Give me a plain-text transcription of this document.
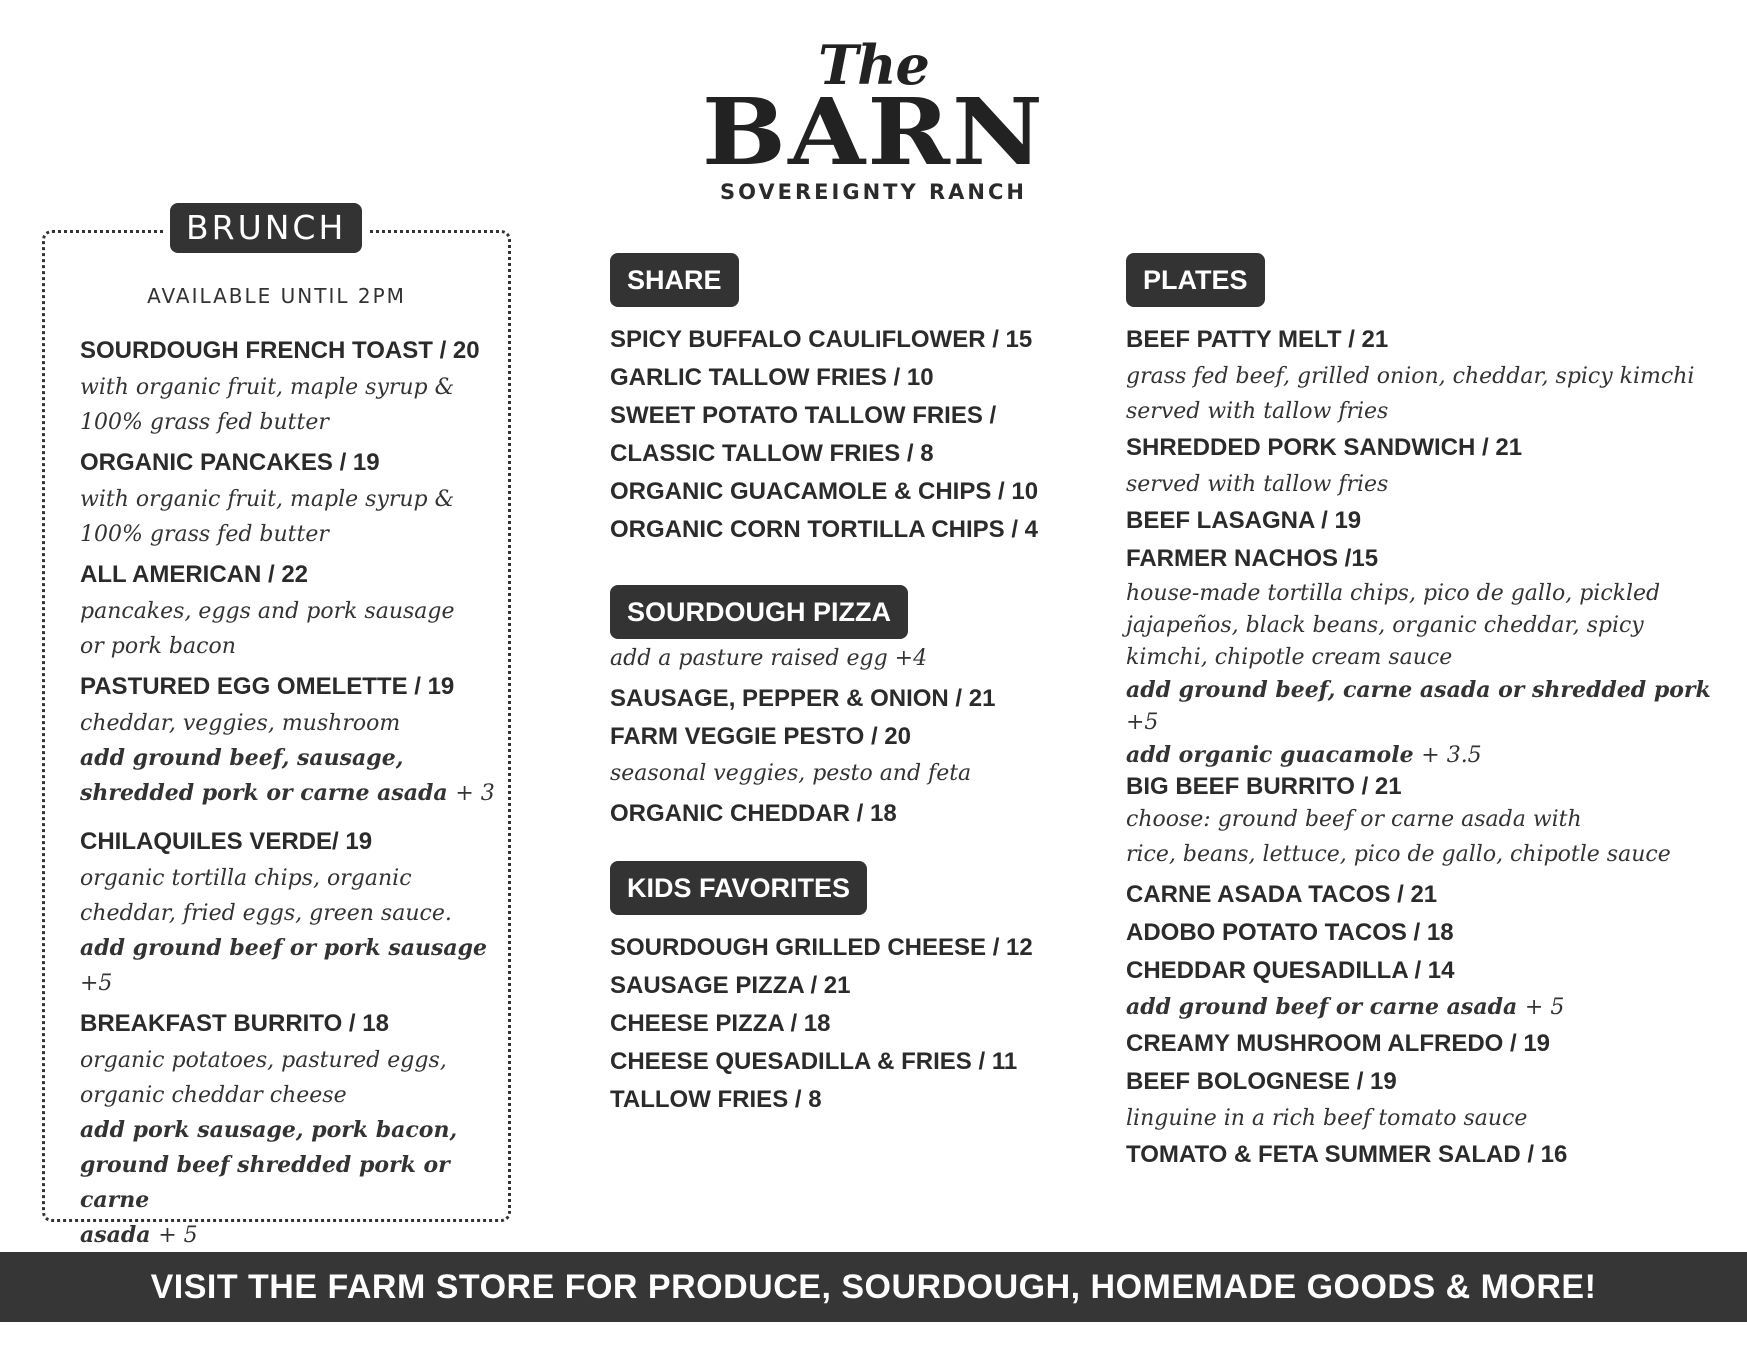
The
BARN
SOVEREIGNTY RANCH
BRUNCH
AVAILABLE UNTIL 2PM
SOURDOUGH FRENCH TOAST / 20
with organic fruit, maple syrup &
100% grass fed butter
ORGANIC PANCAKES / 19
with organic fruit, maple syrup &
100% grass fed butter
ALL AMERICAN / 22
pancakes, eggs and pork sausage
or pork bacon
PASTURED EGG OMELETTE / 19
cheddar, veggies, mushroom
add ground beef, sausage,
shredded pork or carne asada + 3
CHILAQUILES VERDE/ 19
organic tortilla chips, organic
cheddar, fried eggs, green sauce.
add ground beef or pork sausage +5
BREAKFAST BURRITO / 18
organic potatoes, pastured eggs,
organic cheddar cheese
add pork sausage, pork bacon,
ground beef shredded pork or carne
asada + 5
SHARE
SPICY BUFFALO CAULIFLOWER / 15
GARLIC TALLOW FRIES / 10
SWEET POTATO TALLOW FRIES /
CLASSIC TALLOW FRIES / 8
ORGANIC GUACAMOLE & CHIPS / 10
ORGANIC CORN TORTILLA CHIPS / 4
SOURDOUGH PIZZA
add a pasture raised egg +4
SAUSAGE, PEPPER & ONION / 21
FARM VEGGIE PESTO / 20
seasonal veggies, pesto and feta
ORGANIC CHEDDAR / 18
KIDS FAVORITES
SOURDOUGH GRILLED CHEESE / 12
SAUSAGE PIZZA / 21
CHEESE PIZZA / 18
CHEESE QUESADILLA & FRIES / 11
TALLOW FRIES / 8
PLATES
BEEF PATTY MELT / 21
grass fed beef, grilled onion, cheddar, spicy kimchi
served with tallow fries
SHREDDED PORK SANDWICH / 21
served with tallow fries
BEEF LASAGNA / 19
FARMER NACHOS /15
house-made tortilla chips, pico de gallo, pickled
jajapeños, black beans, organic cheddar, spicy
kimchi, chipotle cream sauce
add ground beef, carne asada or shredded pork +5
add organic guacamole + 3.5
BIG BEEF BURRITO / 21
choose: ground beef or carne asada with
rice, beans, lettuce, pico de gallo, chipotle sauce
CARNE ASADA TACOS / 21
ADOBO POTATO TACOS / 18
CHEDDAR QUESADILLA / 14
add ground beef or carne asada + 5
CREAMY MUSHROOM ALFREDO / 19
BEEF BOLOGNESE / 19
linguine in a rich beef tomato sauce
TOMATO & FETA SUMMER SALAD / 16
VISIT THE FARM STORE FOR PRODUCE, SOURDOUGH, HOMEMADE GOODS & MORE!
